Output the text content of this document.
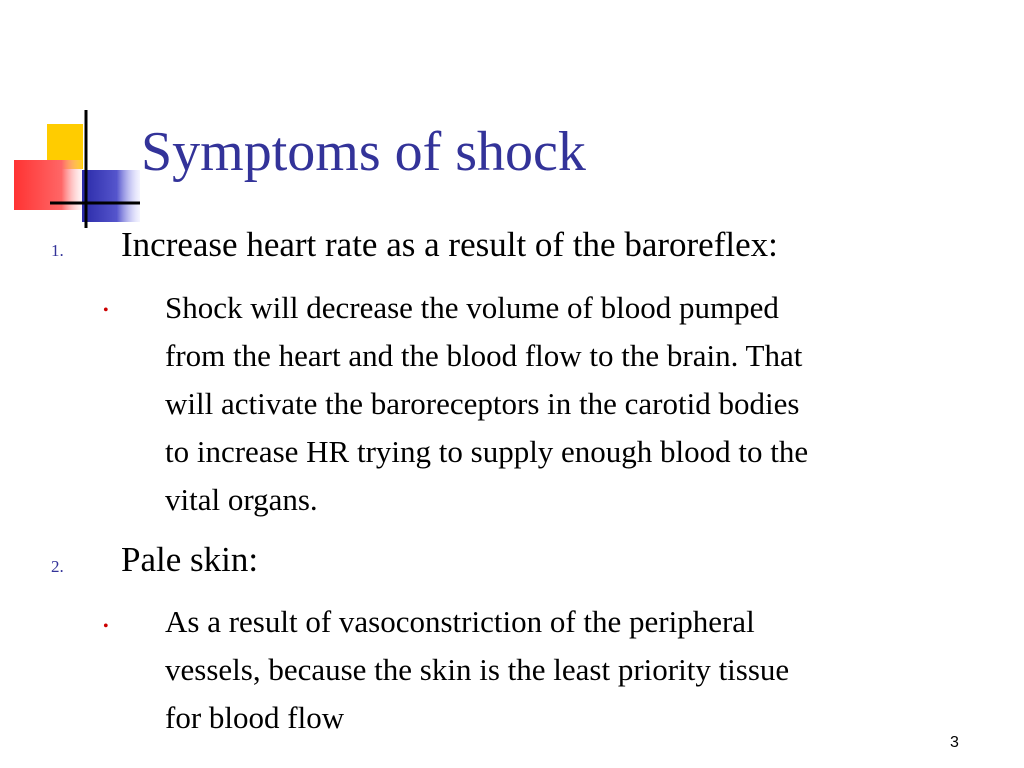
Symptoms of shock
1. Increase heart rate as a result of the baroreflex:
• Shock will decrease the volume of blood pumped
from the heart and the blood flow to the brain. That
will activate the baroreceptors in the carotid bodies
to increase HR trying to supply enough blood to the
vital organs.
2. Pale skin:
• As a result of vasoconstriction of the peripheral
vessels, because the skin is the least priority tissue
for blood flow
3
